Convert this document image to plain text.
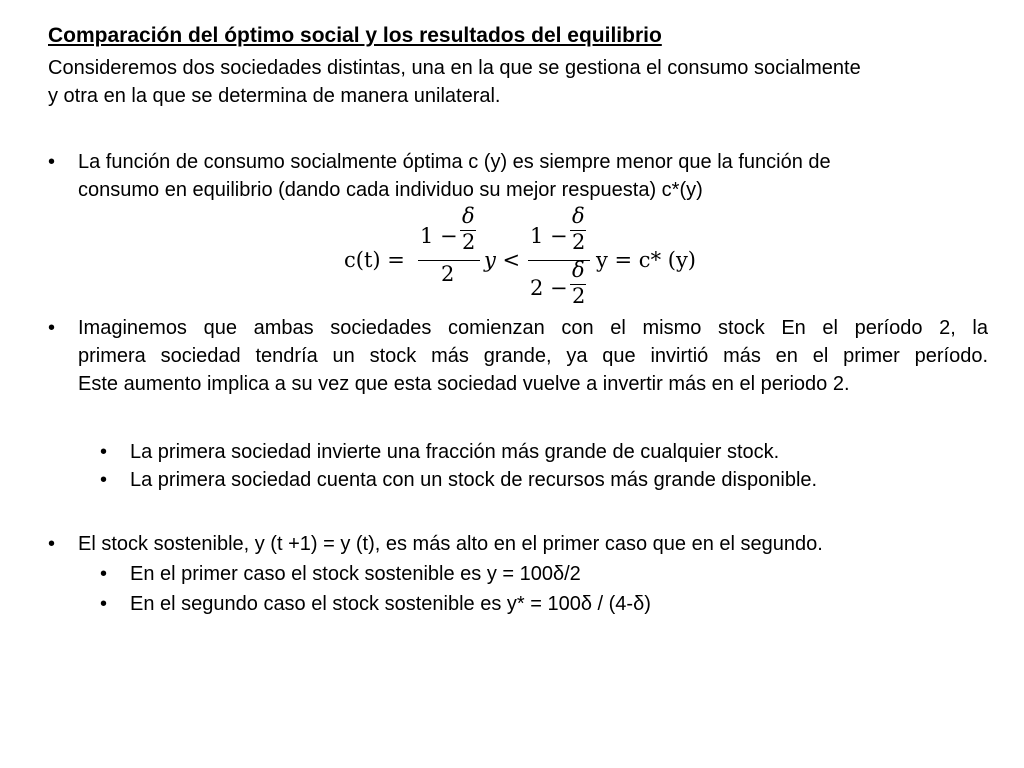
Comparación del óptimo social y los resultados del equilibrio
Consideremos dos sociedades distintas, una en la que se gestiona el consumo socialmente
y otra en la que se determina de manera unilateral.
•	La función de consumo socialmente óptima c (y) es siempre menor que la función de
consumo en equilibrio (dando cada individuo su mejor respuesta) c*(y)
c(t) =
1 −
δ
2
2
y <
1 −
δ
2
2 −
δ
2
y = c* (y)
•	Imaginemos que ambas sociedades comienzan con el mismo stock En el período 2, la
primera sociedad tendría un stock más grande, ya que invirtió más en el primer período.
Este aumento implica a su vez que esta sociedad vuelve a invertir más en el periodo 2.
• La primera sociedad invierte una fracción más grande de cualquier stock.
• La primera sociedad cuenta con un stock de recursos más grande disponible.
•	El stock sostenible, y (t +1) = y (t), es más alto en el primer caso que en el segundo.
• En el primer caso el stock sostenible es y = 100δ/2
• En el segundo caso el stock sostenible es y* = 100δ / (4-δ)
